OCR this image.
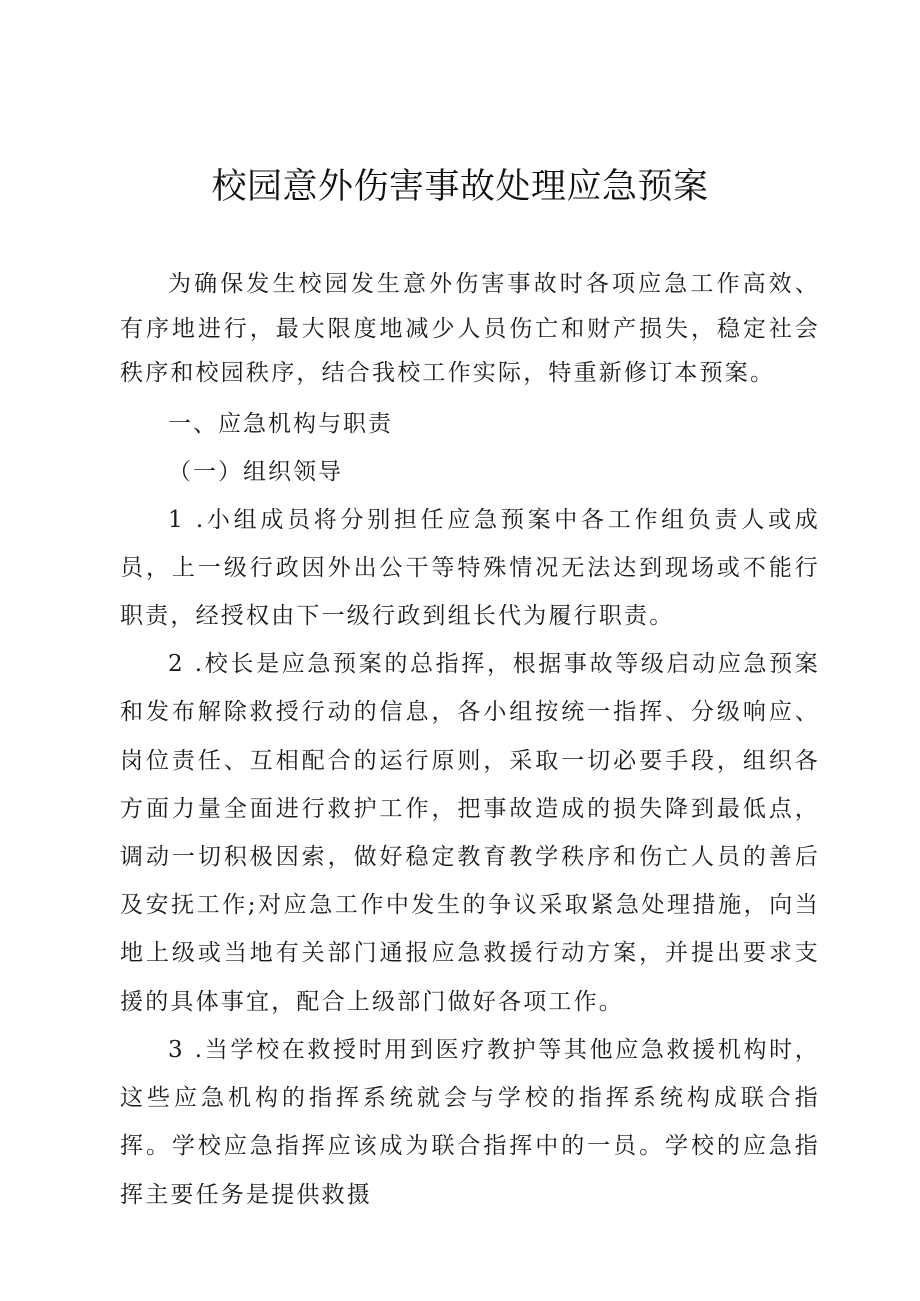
校园意外伤害事故处理应急预案

为确保发生校园发生意外伤害事故时各项应急工作高效、有序地进行，最大限度地减少人员伤亡和财产损失，稳定社会秩序和校园秩序，结合我校工作实际，特重新修订本预案。

一、应急机构与职责

（一）组织领导

1 .小组成员将分别担任应急预案中各工作组负责人或成员，上一级行政因外出公干等特殊情况无法达到现场或不能行职责，经授权由下一级行政到组长代为履行职责。

2 .校长是应急预案的总指挥，根据事故等级启动应急预案和发布解除救授行动的信息，各小组按统一指挥、分级响应、岗位责任、互相配合的运行原则，采取一切必要手段，组织各方面力量全面进行救护工作，把事故造成的损失降到最低点，调动一切积极因索，做好稳定教育教学秩序和伤亡人员的善后及安抚工作;对应急工作中发生的争议采取紧急处理措施，向当地上级或当地有关部门通报应急救援行动方案，并提出要求支援的具体事宜，配合上级部门做好各项工作。

3 .当学校在救授时用到医疗教护等其他应急救援机构时，这些应急机构的指挥系统就会与学校的指挥系统构成联合指挥。学校应急指挥应该成为联合指挥中的一员。学校的应急指挥主要任务是提供救摄
